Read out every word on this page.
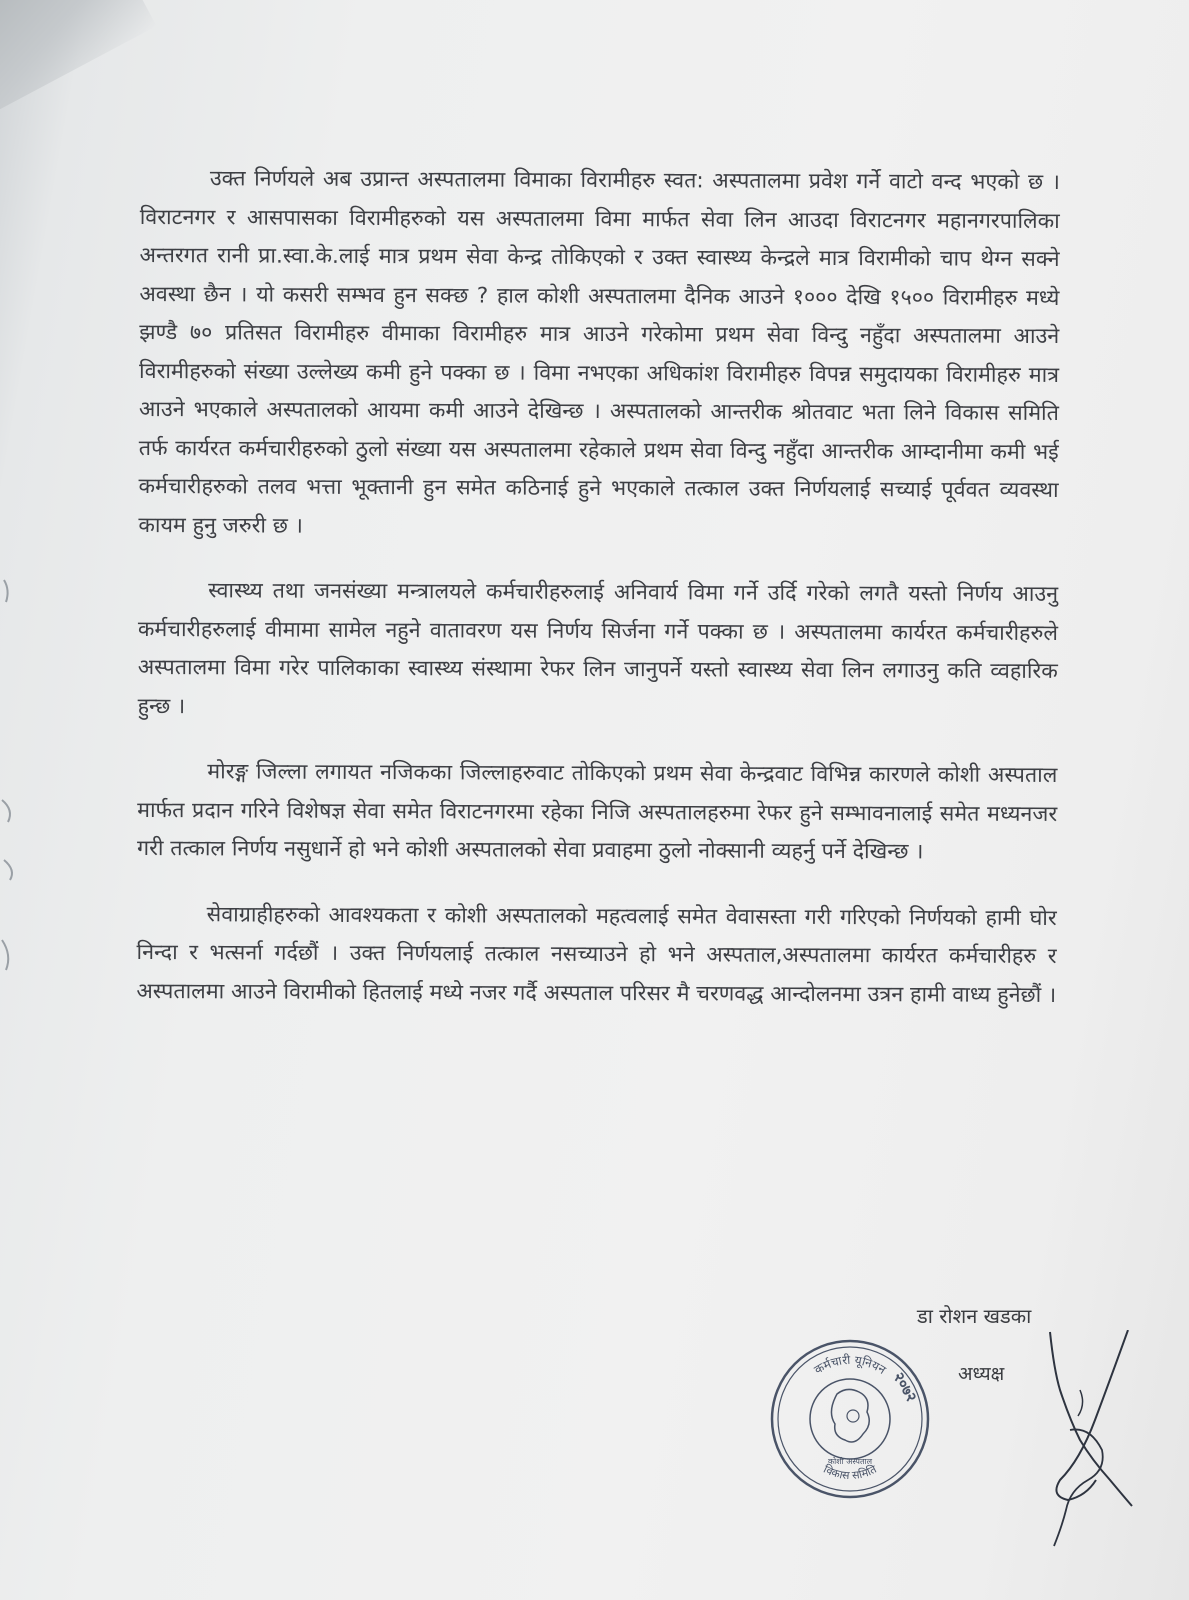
उक्त निर्णयले अब उप्रान्त अस्पतालमा विमाका विरामीहरु स्वत: अस्पतालमा प्रवेश गर्ने वाटो वन्द भएको छ । विराटनगर र आसपासका विरामीहरुको यस अस्पतालमा विमा मार्फत सेवा लिन आउदा विराटनगर महानगरपालिका अन्तरगत रानी प्रा.स्वा.के.लाई मात्र प्रथम सेवा केन्द्र तोकिएको र उक्त स्वास्थ्य केन्द्रले मात्र विरामीको चाप थेग्न सक्ने अवस्था छैन । यो कसरी सम्भव हुन सक्छ ? हाल कोशी अस्पतालमा दैनिक आउने १००० देखि १५०० विरामीहरु मध्ये झण्डै ७० प्रतिसत विरामीहरु वीमाका विरामीहरु मात्र आउने गरेकोमा प्रथम सेवा विन्दु नहुँदा अस्पतालमा आउने विरामीहरुको संख्या उल्लेख्य कमी हुने पक्का छ । विमा नभएका अधिकांश विरामीहरु विपन्न समुदायका विरामीहरु मात्र आउने भएकाले अस्पतालको आयमा कमी आउने देखिन्छ । अस्पतालको आन्तरीक श्रोतवाट भता लिने विकास समिति तर्फ कार्यरत कर्मचारीहरुको ठुलो संख्या यस अस्पतालमा रहेकाले प्रथम सेवा विन्दु नहुँदा आन्तरीक आम्दानीमा कमी भई कर्मचारीहरुको तलव भत्ता भूक्तानी हुन समेत कठिनाई हुने भएकाले तत्काल उक्त निर्णयलाई सच्याई पूर्ववत व्यवस्था कायम हुनु जरुरी छ ।

स्वास्थ्य तथा जनसंख्या मन्त्रालयले कर्मचारीहरुलाई अनिवार्य विमा गर्ने उर्दि गरेको लगतै यस्तो निर्णय आउनु कर्मचारीहरुलाई वीमामा सामेल नहुने वातावरण यस निर्णय सिर्जना गर्ने पक्का छ । अस्पतालमा कार्यरत कर्मचारीहरुले अस्पतालमा विमा गरेर पालिकाका स्वास्थ्य संस्थामा रेफर लिन जानुपर्ने यस्तो स्वास्थ्य सेवा लिन लगाउनु कति व्वहारिक हुन्छ ।

मोरङ्ग जिल्ला लगायत नजिकका जिल्लाहरुवाट तोकिएको प्रथम सेवा केन्द्रवाट विभिन्न कारणले कोशी अस्पताल मार्फत प्रदान गरिने विशेषज्ञ सेवा समेत विराटनगरमा रहेका निजि अस्पतालहरुमा रेफर हुने सम्भावनालाई समेत मध्यनजर गरी तत्काल निर्णय नसुधार्ने हो भने कोशी अस्पतालको सेवा प्रवाहमा ठुलो नोक्सानी व्यहर्नु पर्ने देखिन्छ ।

सेवाग्राहीहरुको आवश्यकता र कोशी अस्पतालको महत्वलाई समेत वेवासस्ता गरी गरिएको निर्णयको हामी घोर निन्दा र भत्सर्ना गर्दछौं । उक्त निर्णयलाई तत्काल नसच्याउने हो भने अस्पताल,अस्पतालमा कार्यरत कर्मचारीहरु र अस्पतालमा आउने विरामीको हितलाई मध्ये नजर गर्दै अस्पताल परिसर मै चरणवद्ध आन्दोलनमा उत्रन हामी वाध्य हुनेछौं ।

डा रोशन खडका
अध्यक्ष
कर्मचारी यूनियन
विकास समिति
२०७२
कोशी अस्पताल
